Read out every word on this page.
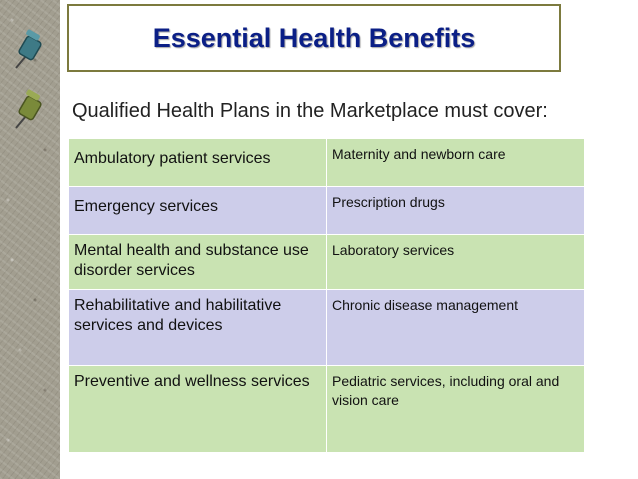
Essential Health Benefits
Qualified Health Plans in the Marketplace must cover:
Ambulatory patient services	Maternity and newborn care
Emergency services	Prescription drugs
Mental health and substance use disorder services	Laboratory services
Rehabilitative and habilitative services and devices	Chronic disease management
Preventive and wellness services	Pediatric services, including oral and vision care
